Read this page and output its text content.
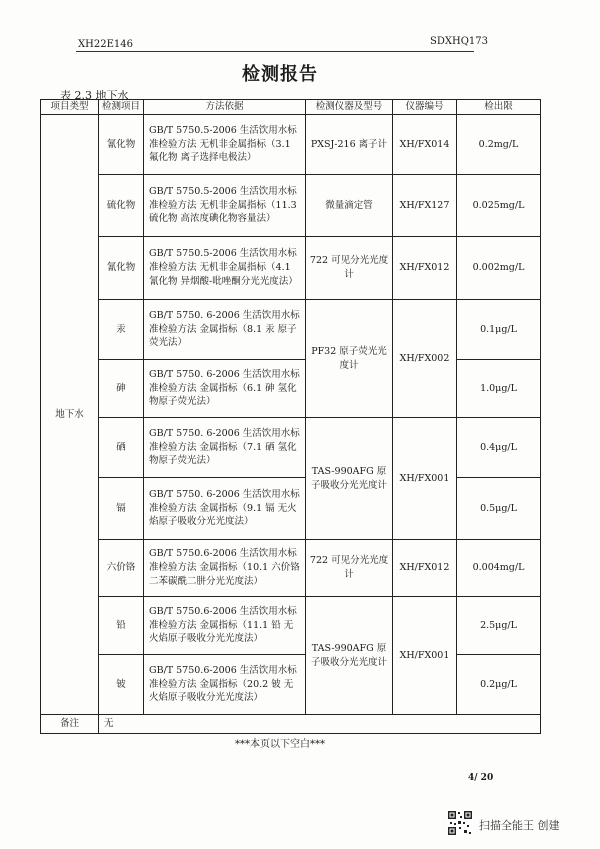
XH22E146	SDXHQ173
检测报告
表 2.3 地下水
项目类型	检测项目	方法依据	检测仪器及型号	仪器编号	检出限
地下水	氰化物	GB/T 5750.5-2006 生活饮用水标准检验方法 无机非金属指标（3.1 氟化物 离子选择电极法）	PXSJ-216 离子计	XH/FX014	0.2mg/L
	硫化物	GB/T 5750.5-2006 生活饮用水标准检验方法 无机非金属指标（11.3 硫化物 高浓度碘化物容量法）	微量滴定管	XH/FX127	0.025mg/L
	氰化物	GB/T 5750.5-2006 生活饮用水标准检验方法 无机非金属指标（4.1 氰化物 异烟酸-吡唑酮分光光度法）	722 可见分光光度计	XH/FX012	0.002mg/L
	汞	GB/T 5750. 6-2006 生活饮用水标准检验方法 金属指标（8.1 汞 原子荧光法）	PF32 原子荧光光度计	XH/FX002	0.1μg/L
	砷	GB/T 5750. 6-2006 生活饮用水标准检验方法 金属指标（6.1 砷 氢化物原子荧光法）			1.0μg/L
	硒	GB/T 5750. 6-2006 生活饮用水标准检验方法 金属指标（7.1 硒 氢化物原子荧光法）	TAS-990AFG 原子吸收分光光度计	XH/FX001	0.4μg/L
	镉	GB/T 5750. 6-2006 生活饮用水标准检验方法 金属指标（9.1 镉 无火焰原子吸收分光光度法）			0.5μg/L
	六价铬	GB/T 5750.6-2006 生活饮用水标准检验方法 金属指标（10.1 六价铬 二苯碳酰二肼分光光度法）	722 可见分光光度计	XH/FX012	0.004mg/L
	铅	GB/T 5750.6-2006 生活饮用水标准检验方法 金属指标（11.1 铅 无火焰原子吸收分光光度法）	TAS-990AFG 原子吸收分光光度计	XH/FX001	2.5μg/L
	铍	GB/T 5750.6-2006 生活饮用水标准检验方法 金属指标（20.2 铍 无火焰原子吸收分光光度法）			0.2μg/L
备注	无				
***本页以下空白***
4/ 20
扫描全能王 创建
